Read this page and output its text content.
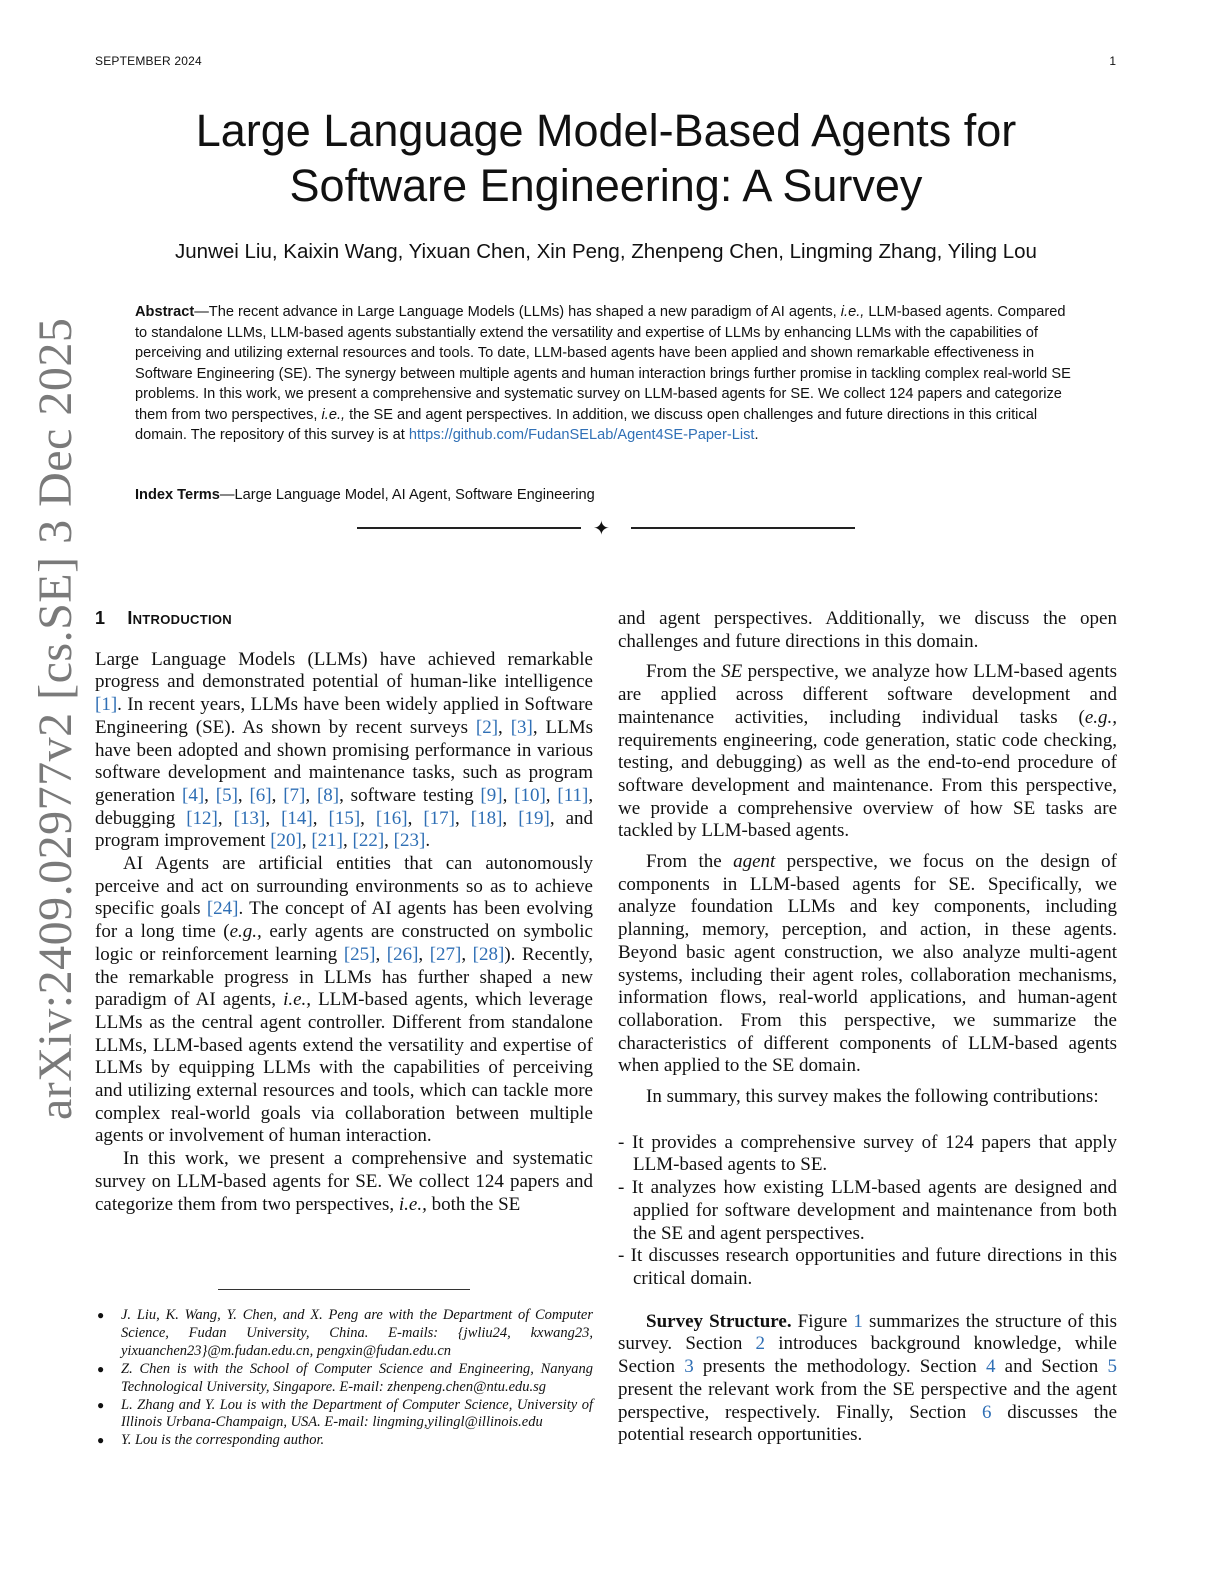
SEPTEMBER 2024	1
Large Language Model-Based Agents for
Software Engineering: A Survey
Junwei Liu, Kaixin Wang, Yixuan Chen, Xin Peng, Zhenpeng Chen, Lingming Zhang, Yiling Lou
Abstract—The recent advance in Large Language Models (LLMs) has shaped a new paradigm of AI agents, i.e., LLM-based agents. Compared to standalone LLMs, LLM-based agents substantially extend the versatility and expertise of LLMs by enhancing LLMs with the capabilities of perceiving and utilizing external resources and tools. To date, LLM-based agents have been applied and shown remarkable effectiveness in Software Engineering (SE). The synergy between multiple agents and human interaction brings further promise in tackling complex real-world SE problems. In this work, we present a comprehensive and systematic survey on LLM-based agents for SE. We collect 124 papers and categorize them from two perspectives, i.e., the SE and agent perspectives. In addition, we discuss open challenges and future directions in this critical domain. The repository of this survey is at https://github.com/FudanSELab/Agent4SE-Paper-List.
Index Terms—Large Language Model, AI Agent, Software Engineering
✦
arXiv:2409.02977v2 [cs.SE] 3 Dec 2025 1 Introduction

Large Language Models (LLMs) have achieved remarkable progress and demonstrated potential of human-like intelligence [1]. In recent years, LLMs have been widely applied in Software Engineering (SE). As shown by recent surveys [2], [3], LLMs have been adopted and shown promising performance in various software development and maintenance tasks, such as program generation [4], [5], [6], [7], [8], software testing [9], [10], [11], debugging [12], [13], [14], [15], [16], [17], [18], [19], and program improvement [20], [21], [22], [23].

AI Agents are artificial entities that can autonomously perceive and act on surrounding environments so as to achieve specific goals [24]. The concept of AI agents has been evolving for a long time (e.g., early agents are constructed on symbolic logic or reinforcement learning [25], [26], [27], [28]). Recently, the remarkable progress in LLMs has further shaped a new paradigm of AI agents, i.e., LLM-based agents, which leverage LLMs as the central agent controller. Different from standalone LLMs, LLM-based agents extend the versatility and expertise of LLMs by equipping LLMs with the capabilities of perceiving and utilizing external resources and tools, which can tackle more complex real-world goals via collaboration between multiple agents or involvement of human interaction.

In this work, we present a comprehensive and systematic survey on LLM-based agents for SE. We collect 124 papers and categorize them from two perspectives, i.e., both the SE

● J. Liu, K. Wang, Y. Chen, and X. Peng are with the Department of Computer Science, Fudan University, China. E-mails: {jwliu24, kxwang23, yixuanchen23}@m.fudan.edu.cn, pengxin@fudan.edu.cn
● Z. Chen is with the School of Computer Science and Engineering, Nanyang Technological University, Singapore. E-mail: zhenpeng.chen@ntu.edu.sg
● L. Zhang and Y. Lou is with the Department of Computer Science, University of Illinois Urbana-Champaign, USA. E-mail: lingming,yilingl@illinois.edu
● Y. Lou is the corresponding author.

and agent perspectives. Additionally, we discuss the open challenges and future directions in this domain.

From the SE perspective, we analyze how LLM-based agents are applied across different software development and maintenance activities, including individual tasks (e.g., requirements engineering, code generation, static code checking, testing, and debugging) as well as the end-to-end procedure of software development and maintenance. From this perspective, we provide a comprehensive overview of how SE tasks are tackled by LLM-based agents.

From the agent perspective, we focus on the design of components in LLM-based agents for SE. Specifically, we analyze foundation LLMs and key components, including planning, memory, perception, and action, in these agents. Beyond basic agent construction, we also analyze multi-agent systems, including their agent roles, collaboration mechanisms, information flows, real-world applications, and human-agent collaboration. From this perspective, we summarize the characteristics of different components of LLM-based agents when applied to the SE domain.

In summary, this survey makes the following contributions:

- It provides a comprehensive survey of 124 papers that apply LLM-based agents to SE.
- It analyzes how existing LLM-based agents are designed and applied for software development and maintenance from both the SE and agent perspectives.
- It discusses research opportunities and future directions in this critical domain.

Survey Structure. Figure 1 summarizes the structure of this survey. Section 2 introduces background knowledge, while Section 3 presents the methodology. Section 4 and Section 5 present the relevant work from the SE perspective and the agent perspective, respectively. Finally, Section 6 discusses the potential research opportunities.
